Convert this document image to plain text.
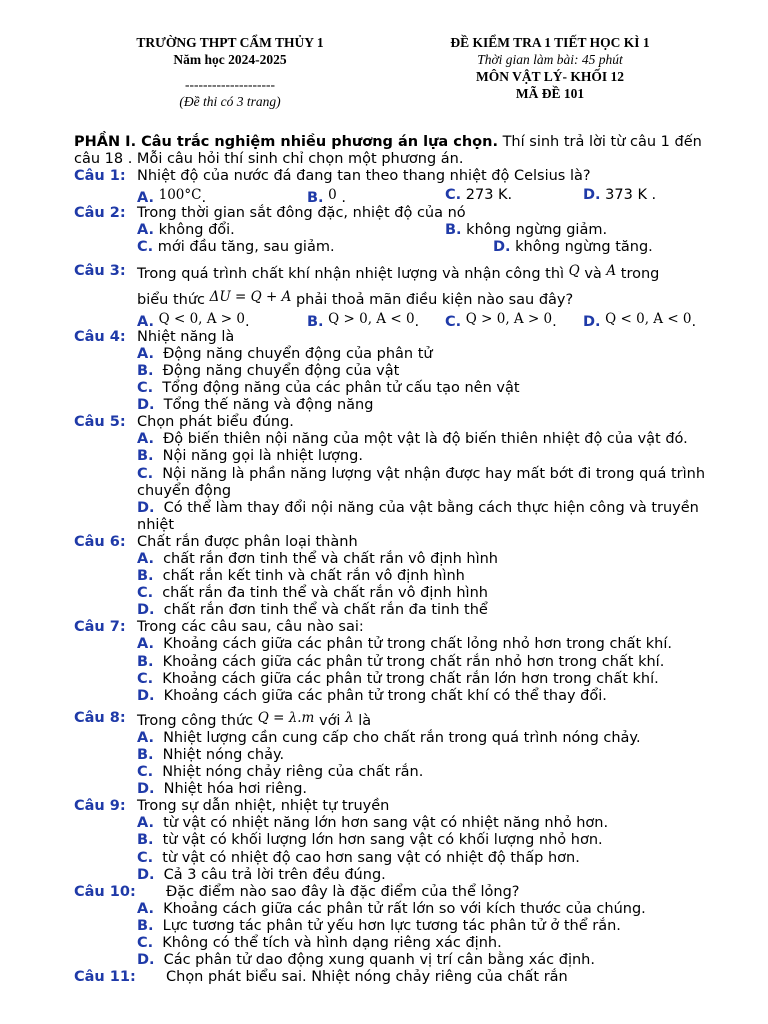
TRƯỜNG THPT CẨM THỦY 1
Năm học 2024-2025
--------------------
(Đề thi có 3 trang)
ĐỀ KIỂM TRA 1 TIẾT HỌC KÌ 1
Thời gian làm bài: 45 phút
MÔN VẬT LÝ- KHỐI 12
MÃ ĐỀ 101
PHẦN I. Câu trắc nghiệm nhiều phương án lựa chọn. Thí sinh trả lời từ câu 1 đến câu 18 . Mỗi câu hỏi thí sinh chỉ chọn một phương án.
Câu 1: Nhiệt độ của nước đá đang tan theo thang nhiệt độ Celsius là?
A. 100°C.	B. 0 .	C. 273 K.	D. 373 K .
Câu 2: Trong thời gian sắt đông đặc, nhiệt độ của nó
A. không đổi.	B. không ngừng giảm.
C. mới đầu tăng, sau giảm.	D. không ngừng tăng.
Câu 3: Trong quá trình chất khí nhận nhiệt lượng và nhận công thì Q và A trong
biểu thức ΔU = Q + A phải thoả mãn điều kiện nào sau đây?
A. Q < 0, A > 0.	B. Q > 0, A < 0.	C. Q > 0, A > 0.	D. Q < 0, A < 0.
Câu 4: Nhiệt năng là
A. Động năng chuyển động của phân tử
B. Động năng chuyển động của vật
C. Tổng động năng của các phân tử cấu tạo nên vật
D. Tổng thế năng và động năng
Câu 5: Chọn phát biểu đúng.
A. Độ biến thiên nội năng của một vật là độ biến thiên nhiệt độ của vật đó.
B. Nội năng gọi là nhiệt lượng.
C. Nội năng là phần năng lượng vật nhận được hay mất bớt đi trong quá trình chuyển động
D. Có thể làm thay đổi nội năng của vật bằng cách thực hiện công và truyền nhiệt
Câu 6: Chất rắn được phân loại thành
A. chất rắn đơn tinh thể và chất rắn vô định hình
B. chất rắn kết tinh và chất rắn vô định hình
C. chất rắn đa tinh thể và chất rắn vô định hình
D. chất rắn đơn tinh thể và chất rắn đa tinh thể
Câu 7: Trong các câu sau, câu nào sai:
A. Khoảng cách giữa các phân tử trong chất lỏng nhỏ hơn trong chất khí.
B. Khoảng cách giữa các phân tử trong chất rắn nhỏ hơn trong chất khí.
C. Khoảng cách giữa các phân tử trong chất rắn lớn hơn trong chất khí.
D. Khoảng cách giữa các phân tử trong chất khí có thể thay đổi.
Câu 8: Trong công thức Q = λ.m với λ là
A. Nhiệt lượng cần cung cấp cho chất rắn trong quá trình nóng chảy.
B. Nhiệt nóng chảy.
C. Nhiệt nóng chảy riêng của chất rắn.
D. Nhiệt hóa hơi riêng.
Câu 9: Trong sự dẫn nhiệt, nhiệt tự truyền
A. từ vật có nhiệt năng lớn hơn sang vật có nhiệt năng nhỏ hơn.
B. từ vật có khối lượng lớn hơn sang vật có khối lượng nhỏ hơn.
C. từ vật có nhiệt độ cao hơn sang vật có nhiệt độ thấp hơn.
D. Cả 3 câu trả lời trên đều đúng.
Câu 10:	Đặc điểm nào sao đây là đặc điểm của thể lỏng?
A. Khoảng cách giữa các phân tử rất lớn so với kích thước của chúng.
B. Lực tương tác phân tử yếu hơn lực tương tác phân tử ở thể rắn.
C. Không có thể tích và hình dạng riêng xác định.
D. Các phân tử dao động xung quanh vị trí cân bằng xác định.
Câu 11:	Chọn phát biểu sai. Nhiệt nóng chảy riêng của chất rắn
